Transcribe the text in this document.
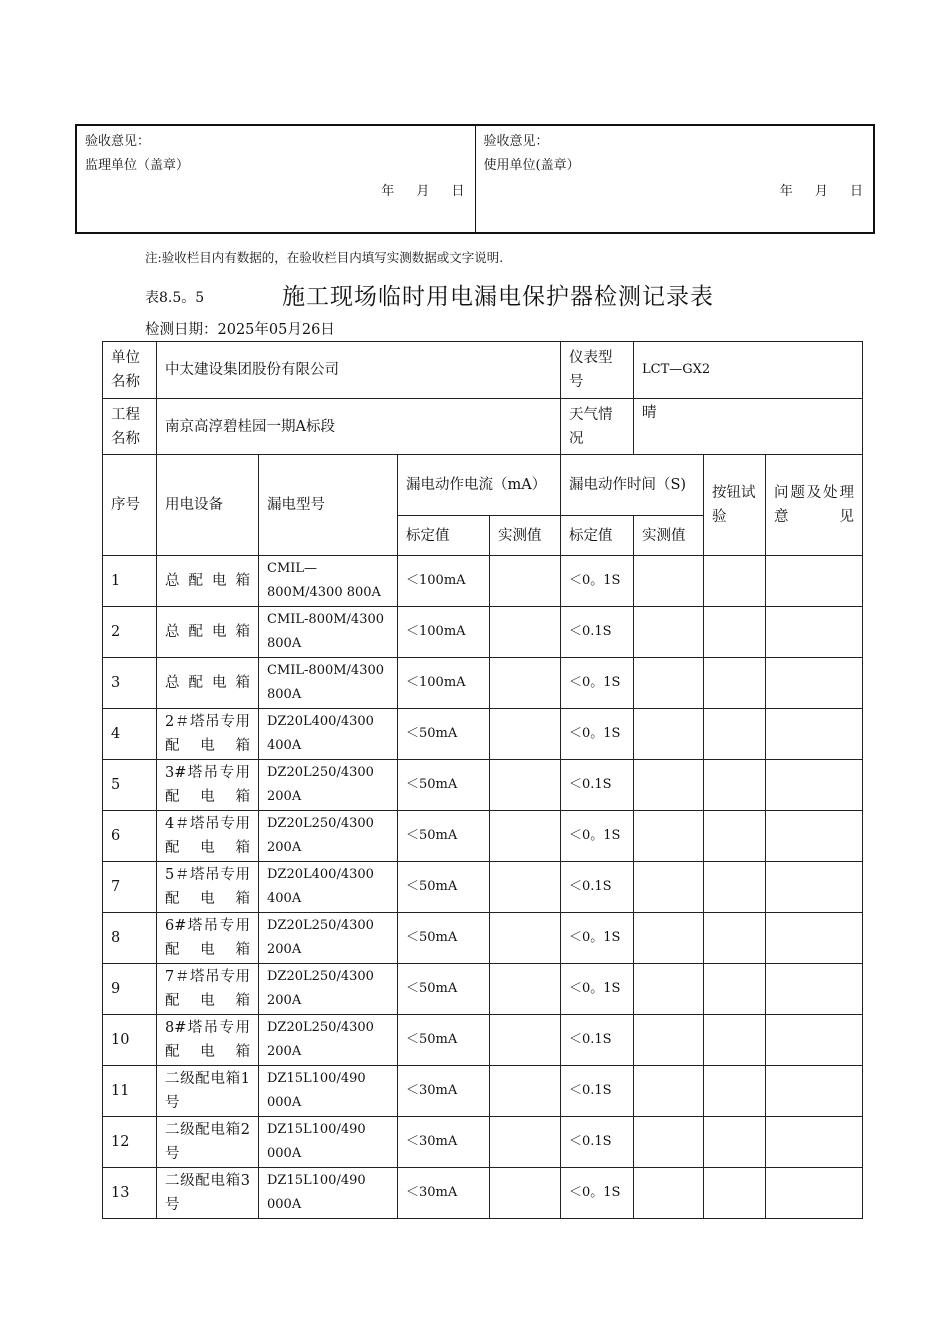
验收意见：
监理单位（盖章）
年 月 日
验收意见：
使用单位(盖章）
年 月 日
注:验收栏目内有数据的，在验收栏目内填写实测数据或文字说明.
表8.5。5	施工现场临时用电漏电保护器检测记录表
检测日期：2025年05月26日
单位名称	中太建设集团股份有限公司				仪表型号	LCT—GX2		
工程名称	南京高淳碧桂园一期A标段				天气情况	晴		
序号	用电设备	漏电型号	漏电动作电流（mA）		漏电动作时间（S)		按钮试验	问题及处理意见
			标定值	实测值	标定值	实测值		
1	总配电箱	CMIL—800M/4300 800A	＜100mA		＜0。1S			
2	总配电箱	CMIL-800M/4300 800A	＜100mA		＜0.1S			
3	总配电箱	CMIL-800M/4300 800A	＜100mA		＜0。1S			
4	2＃塔吊专用配电箱	DZ20L400/4300 400A	＜50mA		＜0。1S			
5	3#塔吊专用配电箱	DZ20L250/4300 200A	＜50mA		＜0.1S			
6	4＃塔吊专用配电箱	DZ20L250/4300 200A	＜50mA		＜0。1S			
7	5＃塔吊专用配电箱	DZ20L400/4300 400A	＜50mA		＜0.1S			
8	6#塔吊专用配电箱	DZ20L250/4300 200A	＜50mA		＜0。1S			
9	7＃塔吊专用配电箱	DZ20L250/4300 200A	＜50mA		＜0。1S			
10	8#塔吊专用配电箱	DZ20L250/4300 200A	＜50mA		＜0.1S			
11	二级配电箱1号	DZ15L100/490 000A	＜30mA		＜0.1S			
12	二级配电箱2号	DZ15L100/490 000A	＜30mA		＜0.1S			
13	二级配电箱3号	DZ15L100/490 000A	＜30mA		＜0。1S			
